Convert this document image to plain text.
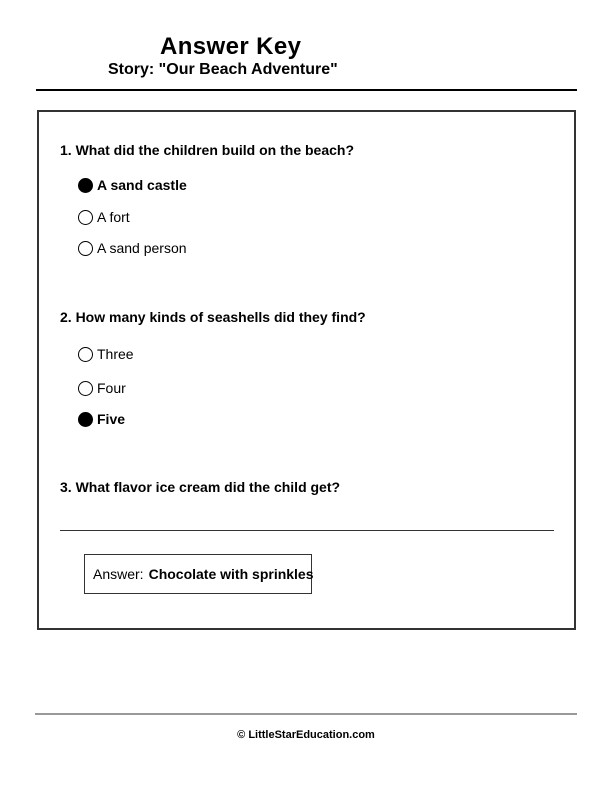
Answer Key
Story: "Our Beach Adventure"
1. What did the children build on the beach?
A sand castle
A fort
A sand person
2. How many kinds of seashells did they find?
Three
Four
Five
3. What flavor ice cream did the child get?
Answer: Chocolate with sprinkles
© LittleStarEducation.com
